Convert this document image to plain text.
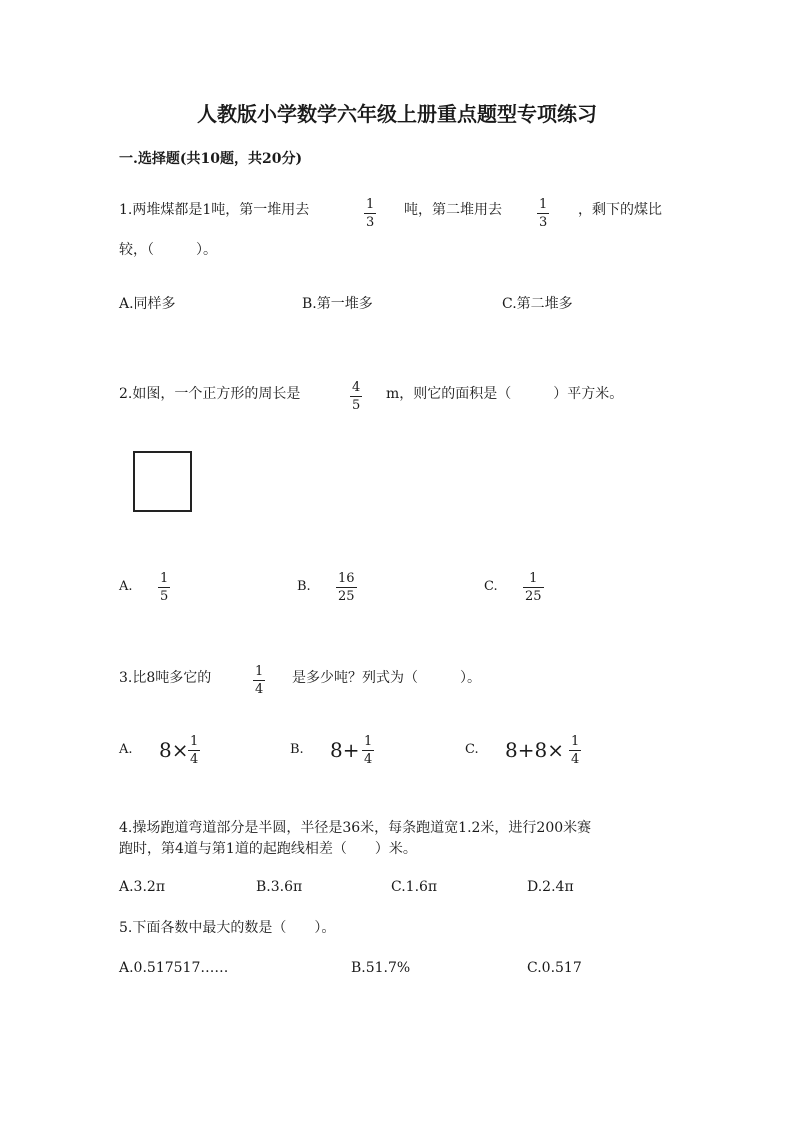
人教版小学数学六年级上册重点题型专项练习
一.选择题(共10题，共20分)
1.两堆煤都是1吨，第一堆用去	1
3
吨，第二堆用去	1
3
，剩下的煤比
较，（　　　）。
A.同样多	B.第一堆多	C.第二堆多
2.如图，一个正方形的周长是	4
5
m，则它的面积是（　　　）平方米。
A.
1
5
B.
16
25
C.
1
25
3.比8吨多它的	1
4
是多少吨？列式为（　　　）。
A. 8× 1
4
B. 8+ 1
4
C. 8+8× 1
4
4.操场跑道弯道部分是半圆，半径是36米，每条跑道宽1.2米，进行200米赛
跑时，第4道与第1道的起跑线相差（　　）米。
A.3.2π	B.3.6π	C.1.6π	D.2.4π
5.下面各数中最大的数是（　　）。
A.0.517517……	B.51.7%	C.0.517
